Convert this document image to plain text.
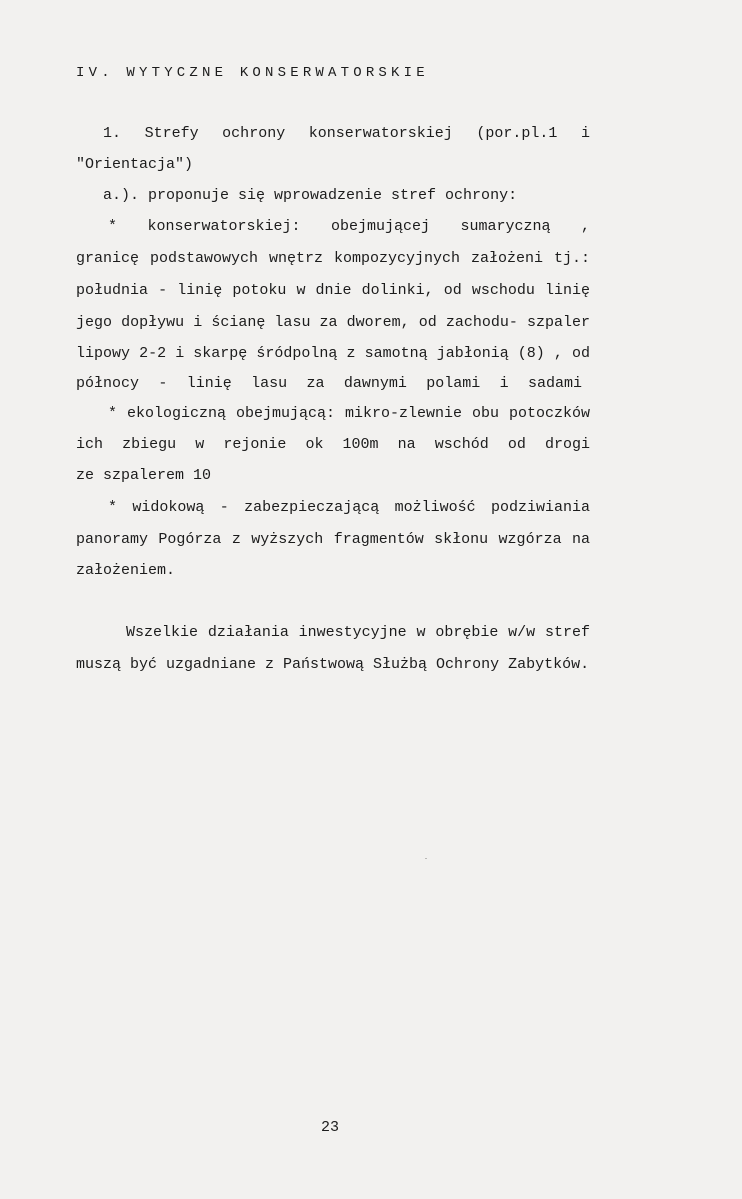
IV. WYTYCZNE KONSERWATORSKIE
1. Strefy ochrony konserwatorskiej (por.pl.1 i
"Orientacja")
a.). proponuje się wprowadzenie stref ochrony:
* konserwatorskiej: obejmującej sumaryczną ,
granicę podstawowych wnętrz kompozycyjnych założeni tj.:
południa - linię potoku w dnie dolinki, od wschodu linię
jego dopływu i ścianę lasu za dworem, od zachodu- szpaler
lipowy 2-2 i skarpę śródpolną z samotną jabłonią (8) , od
północy - linię lasu za dawnymi polami i sadami
* ekologiczną obejmującą: mikro-zlewnie obu potoczków
ich zbiegu w rejonie ok 100m na wschód od drogi
ze szpalerem 10
* widokową - zabezpieczającą możliwość podziwiania
panoramy Pogórza z wyższych fragmentów skłonu wzgórza na
założeniem.
Wszelkie działania inwestycyjne w obrębie w/w stref
muszą być uzgadniane z Państwową Służbą Ochrony Zabytków.
23
